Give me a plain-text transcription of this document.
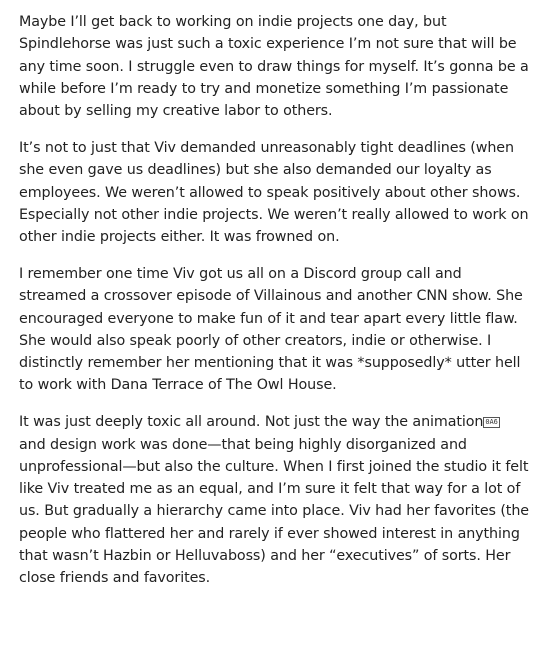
Maybe I’ll get back to working on indie projects one day, but Spindlehorse was just such a toxic experience I’m not sure that will be any time soon. I struggle even to draw things for myself. It’s gonna be a while before I’m ready to try and monetize something I’m passionate about by selling my creative labor to others.

It’s not to just that Viv demanded unreasonably tight deadlines (when she even gave us deadlines) but she also demanded our loyalty as employees. We weren’t allowed to speak positively about other shows. Especially not other indie projects. We weren’t really allowed to work on other indie projects either. It was frowned on.

I remember one time Viv got us all on a Discord group call and streamed a crossover episode of Villainous and another CNN show. She encouraged everyone to make fun of it and tear apart every little flaw. She would also speak poorly of other creators, indie or otherwise. I distinctly remember her mentioning that it was *supposedly* utter hell to work with Dana Terrace of The Owl House.

It was just deeply toxic all around. Not just the way the animation 0A6 and design work was done—that being highly disorganized and unprofessional—but also the culture. When I first joined the studio it felt like Viv treated me as an equal, and I’m sure it felt that way for a lot of us. But gradually a hierarchy came into place. Viv had her favorites (the people who flattered her and rarely if ever showed interest in anything that wasn’t Hazbin or Helluvaboss) and her “executives” of sorts. Her close friends and favorites.
